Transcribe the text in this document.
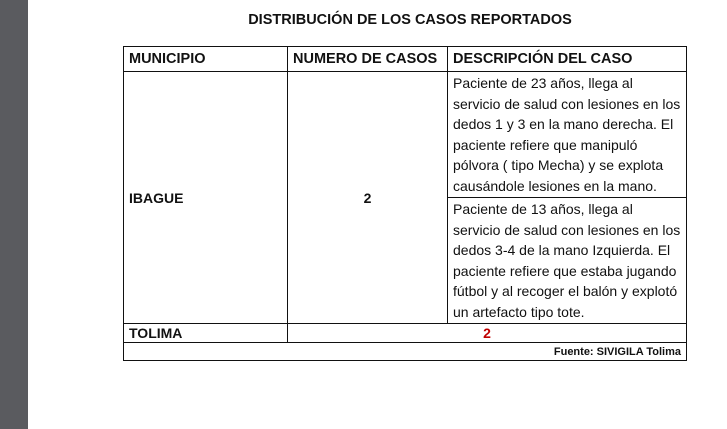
DISTRIBUCIÓN DE LOS CASOS REPORTADOS
MUNICIPIO	NUMERO DE CASOS	DESCRIPCIÓN DEL CASO
IBAGUE	2	Paciente de 23 años, llega al servicio de salud con lesiones en los dedos 1 y 3 en la mano derecha. El paciente refiere que manipuló pólvora ( tipo Mecha) y se explota causándole lesiones en la mano.
		Paciente de 13 años, llega al servicio de salud con lesiones en los dedos 3-4 de la mano Izquierda. El paciente refiere que estaba jugando fútbol y al recoger el balón y explotó un artefacto tipo tote.
TOLIMA	2	
Fuente: SIVIGILA Tolima		
